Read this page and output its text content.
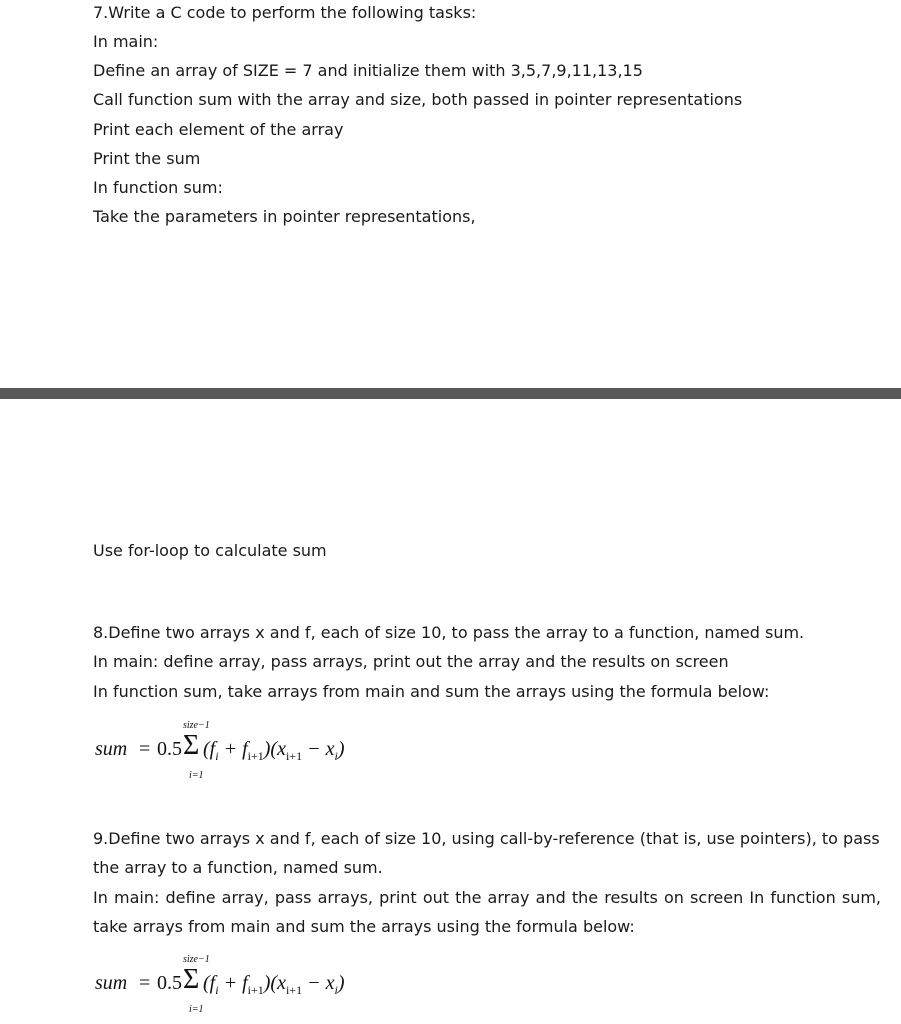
7.Write a C code to perform the following tasks:
In main:
Define an array of SIZE = 7 and initialize them with 3,5,7,9,11,13,15
Call function sum with the array and size, both passed in pointer representations
Print each element of the array
Print the sum
In function sum:
Take the parameters in pointer representations,
Use for-loop to calculate sum
8.Define two arrays x and f, each of size 10, to pass the array to a function, named sum.
In main: define array, pass arrays, print out the array and the results on screen
In function sum, take arrays from main and sum the arrays using the formula below:
size−1
sum = 0.5 Σ $(f_i + f_{i+1})(x_{i+1} - x_i)$
i=1
9.Define two arrays x and f, each of size 10, using call-by-reference (that is, use pointers), to pass
the array to a function, named sum.
In main: define array, pass arrays, print out the array and the results on screen In function sum,
take arrays from main and sum the arrays using the formula below:
size−1
sum = 0.5 Σ $(f_i + f_{i+1})(x_{i+1} - x_i)$
i=1
